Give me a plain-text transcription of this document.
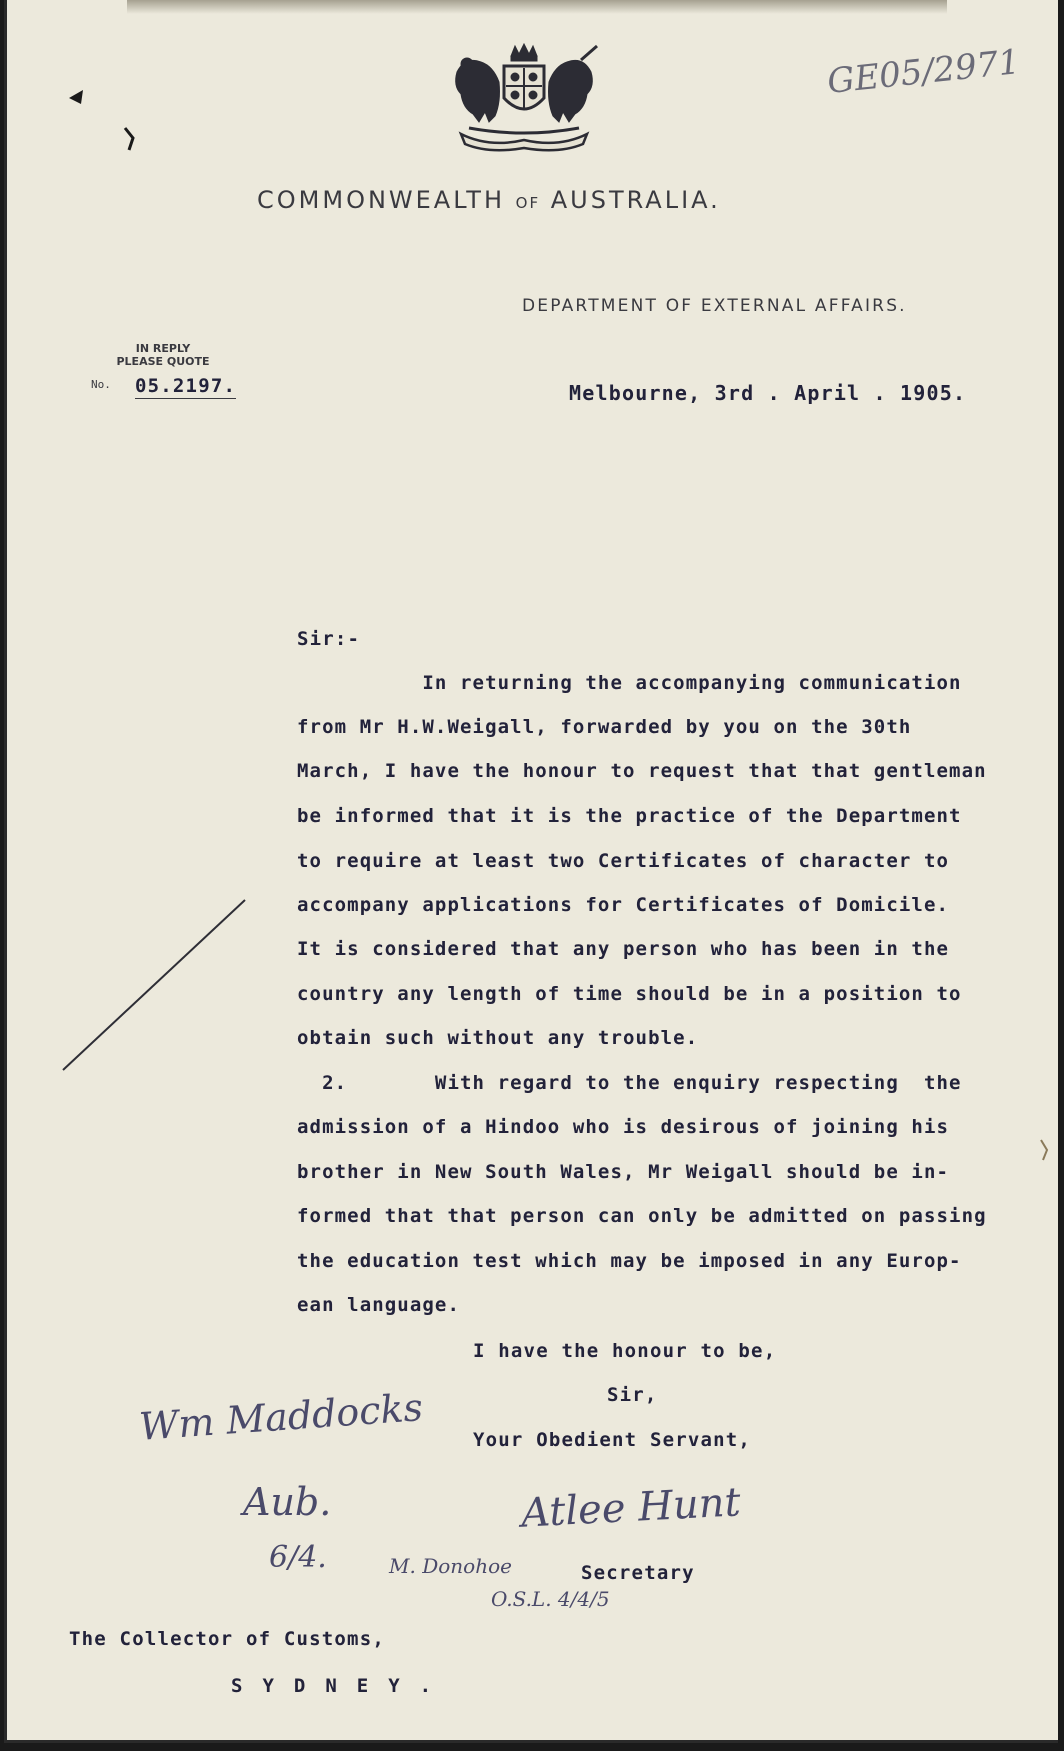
GE05/2971
COMMONWEALTH OF AUSTRALIA.
DEPARTMENT OF EXTERNAL AFFAIRS.
IN REPLY
PLEASE QUOTE
No. 05.2197.	Melbourne, 3rd . April . 1905.
Sir:-
In returning the accompanying communication
from Mr H.W.Weigall, forwarded by you on the 30th
March, I have the honour to request that that gentleman
be informed that it is the practice of the Department
to require at least two Certificates of character to
accompany applications for Certificates of Domicile.
It is considered that any person who has been in the
country any length of time should be in a position to
obtain such without any trouble.
2.       With regard to the enquiry respecting  the
admission of a Hindoo who is desirous of joining his
brother in New South Wales, Mr Weigall should be in-
formed that that person can only be admitted on passing
the education test which may be imposed in any Europ-
ean language.
I have the honour to be,
Sir,
Your Obedient Servant,
Secretary
Wm Maddocks
Aub.	Atlee Hunt
6/4.	M. Donohoe
O.S.L. 4/4/5
The Collector of Customs,
SYDNEY.
